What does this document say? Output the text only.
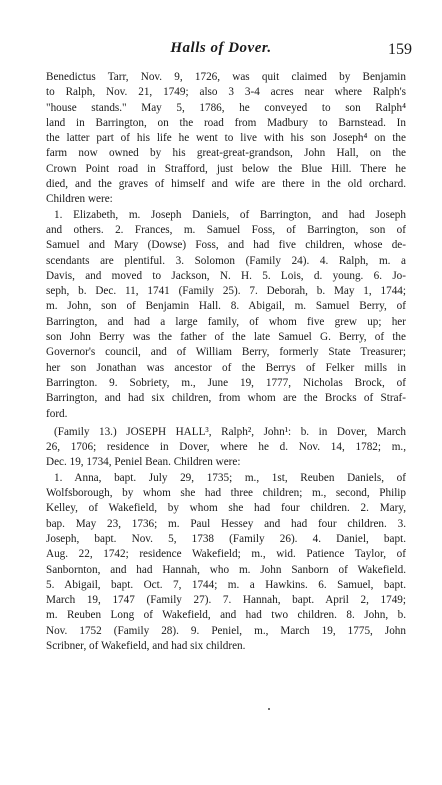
Halls of Dover.	159
Benedictus Tarr, Nov. 9, 1726, was quit claimed by Benjamin
to Ralph, Nov. 21, 1749; also 3 3-4 acres near where Ralph's
"house stands." May 5, 1786, he conveyed to son Ralph⁴
land in Barrington, on the road from Madbury to Barnstead. In
the latter part of his life he went to live with his son Joseph⁴ on the
farm now owned by his great-great-grandson, John Hall, on the
Crown Point road in Strafford, just below the Blue Hill. There he
died, and the graves of himself and wife are there in the old orchard.
Children were:
1. Elizabeth, m. Joseph Daniels, of Barrington, and had Joseph
and others. 2. Frances, m. Samuel Foss, of Barrington, son of
Samuel and Mary (Dowse) Foss, and had five children, whose de-
scendants are plentiful. 3. Solomon (Family 24). 4. Ralph, m. a
Davis, and moved to Jackson, N. H. 5. Lois, d. young. 6. Jo-
seph, b. Dec. 11, 1741 (Family 25). 7. Deborah, b. May 1, 1744;
m. John, son of Benjamin Hall. 8. Abigail, m. Samuel Berry, of
Barrington, and had a large family, of whom five grew up; her
son John Berry was the father of the late Samuel G. Berry, of the
Governor's council, and of William Berry, formerly State Treasurer;
her son Jonathan was ancestor of the Berrys of Felker mills in
Barrington. 9. Sobriety, m., June 19, 1777, Nicholas Brock, of
Barrington, and had six children, from whom are the Brocks of Straf-
ford.
(Family 13.) JOSEPH HALL³, Ralph², John¹: b. in Dover, March
26, 1706; residence in Dover, where he d. Nov. 14, 1782; m.,
Dec. 19, 1734, Peniel Bean. Children were:
1. Anna, bapt. July 29, 1735; m., 1st, Reuben Daniels, of
Wolfsborough, by whom she had three children; m., second, Philip
Kelley, of Wakefield, by whom she had four children. 2. Mary,
bap. May 23, 1736; m. Paul Hessey and had four children. 3.
Joseph, bapt. Nov. 5, 1738 (Family 26). 4. Daniel, bapt.
Aug. 22, 1742; residence Wakefield; m., wid. Patience Taylor, of
Sanbornton, and had Hannah, who m. John Sanborn of Wakefield.
5. Abigail, bapt. Oct. 7, 1744; m. a Hawkins. 6. Samuel, bapt.
March 19, 1747 (Family 27). 7. Hannah, bapt. April 2, 1749;
m. Reuben Long of Wakefield, and had two children. 8. John, b.
Nov. 1752 (Family 28). 9. Peniel, m., March 19, 1775, John
Scribner, of Wakefield, and had six children.
